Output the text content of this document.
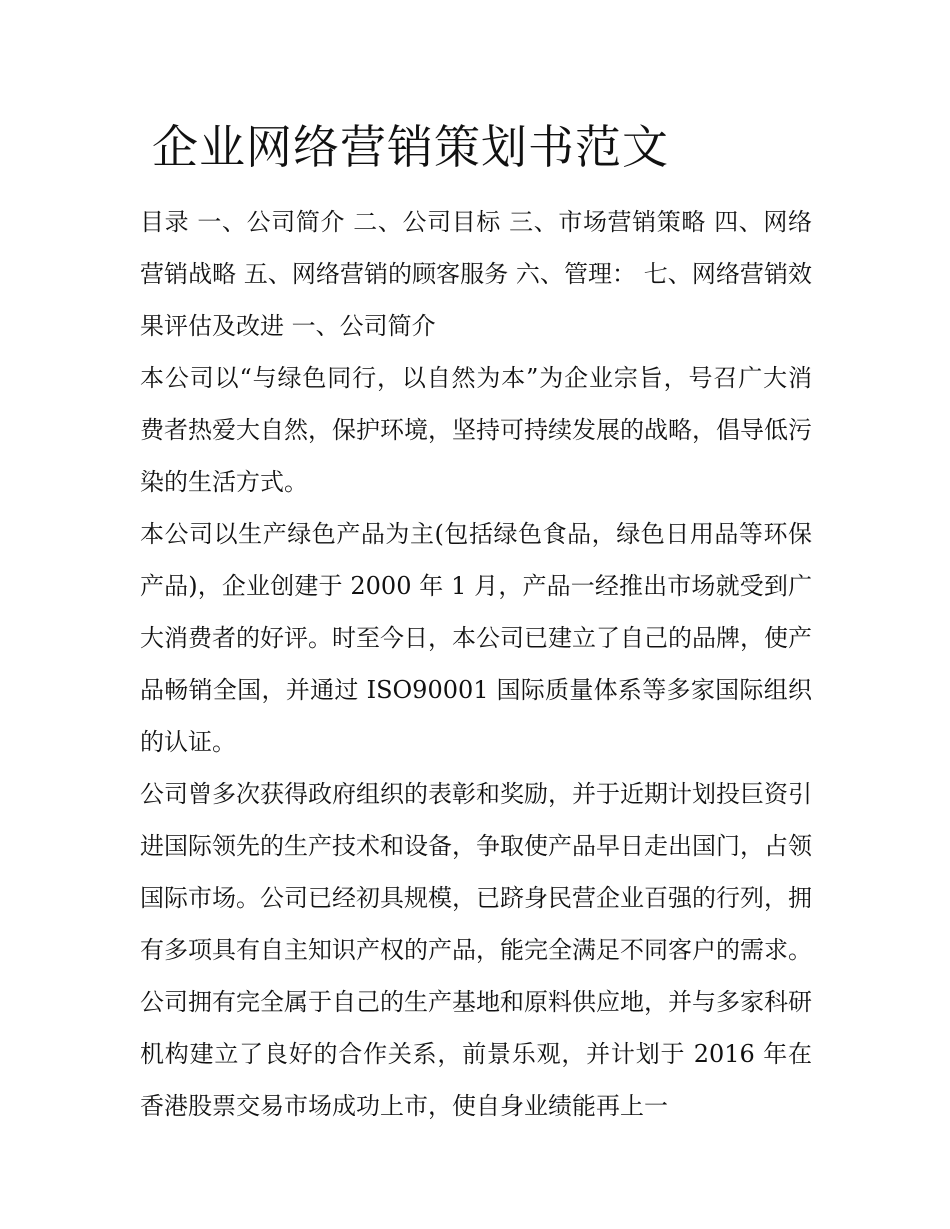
企业网络营销策划书范文

目录 一、公司简介 二、公司目标 三、市场营销策略 四、网络营销战略 五、网络营销的顾客服务 六、管理： 七、网络营销效果评估及改进 一、公司简介

本公司以“与绿色同行，以自然为本”为企业宗旨，号召广大消费者热爱大自然，保护环境，坚持可持续发展的战略，倡导低污染的生活方式。

本公司以生产绿色产品为主(包括绿色食品，绿色日用品等环保产品)，企业创建于 2000 年 1 月，产品一经推出市场就受到广大消费者的好评。时至今日，本公司已建立了自己的品牌，使产品畅销全国，并通过 ISO90001 国际质量体系等多家国际组织的认证。

公司曾多次获得政府组织的表彰和奖励，并于近期计划投巨资引进国际领先的生产技术和设备，争取使产品早日走出国门，占领国际市场。公司已经初具规模，已跻身民营企业百强的行列，拥有多项具有自主知识产权的产品，能完全满足不同客户的需求。公司拥有完全属于自己的生产基地和原料供应地，并与多家科研机构建立了良好的合作关系，前景乐观，并计划于 2016 年在香港股票交易市场成功上市，使自身业绩能再上一
